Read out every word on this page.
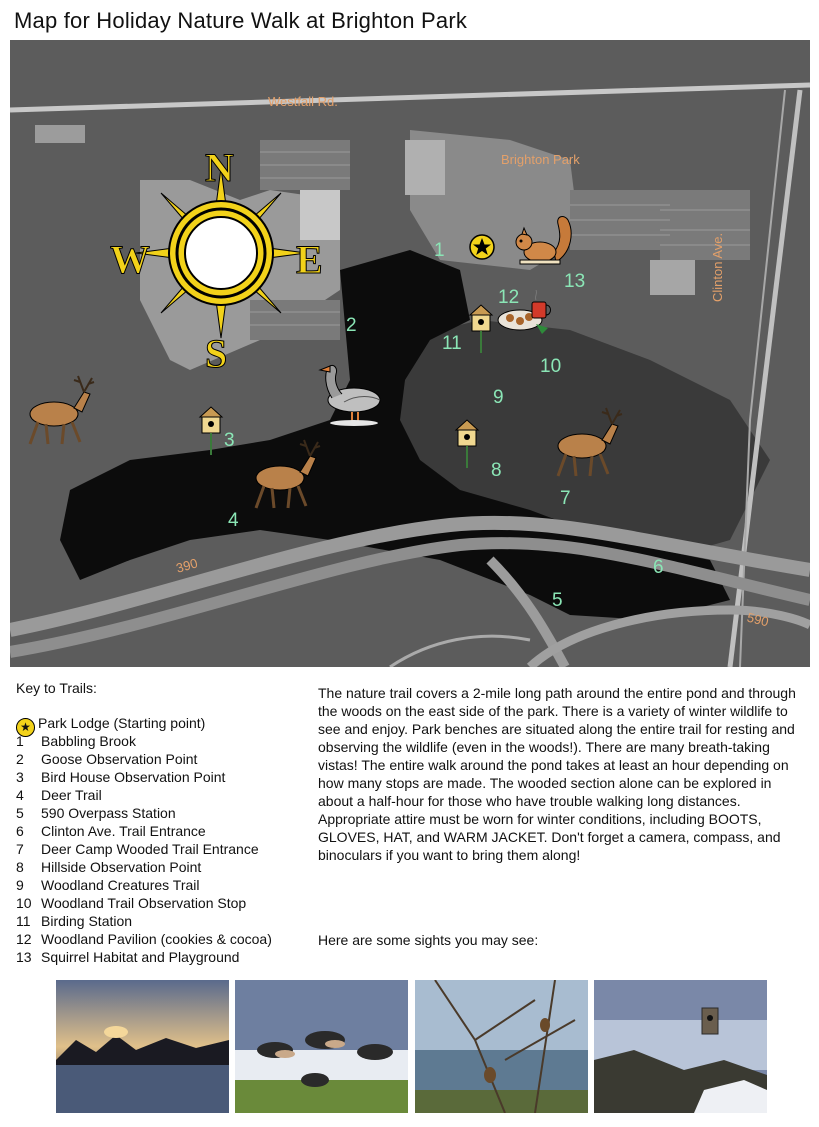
Map for Holiday Nature Walk at Brighton Park
N
E
S
W
Westfall Rd.
Brighton Park
Clinton Ave.
390
590
1
2
3
4
5
6
7
8
9
10
11
12
13
Key to Trails:
★ Park Lodge (Starting point)
1 Babbling Brook
2 Goose Observation Point
3 Bird House Observation Point
4 Deer Trail
5 590 Overpass Station
6 Clinton Ave. Trail Entrance
7 Deer Camp Wooded Trail Entrance
8 Hillside Observation Point
9 Woodland Creatures Trail
10 Woodland Trail Observation Stop
11 Birding Station
12 Woodland Pavilion (cookies & cocoa)
13 Squirrel Habitat and Playground

The nature trail covers a 2-mile long path around the entire pond and through the woods on the east side of the park. There is a variety of winter wildlife to see and enjoy. Park benches are situated along the entire trail for resting and observing the wildlife (even in the woods!). There are many breath-taking vistas! The entire walk around the pond takes at least an hour depending on how many stops are made. The wooded section alone can be explored in about a half-hour for those who have trouble walking long distances. Appropriate attire must be worn for winter conditions, including BOOTS, GLOVES, HAT, and WARM JACKET. Don't forget a camera, compass, and binoculars if you want to bring them along!

Here are some sights you may see:
